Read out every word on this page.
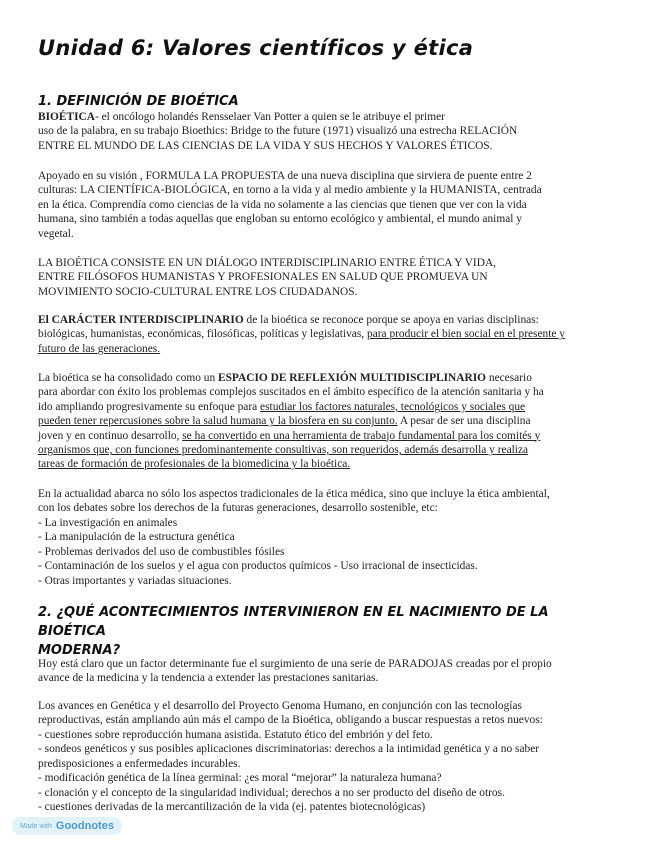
Unidad 6: Valores científicos y ética
1. DEFINICIÓN DE BIOÉTICA

BIOÉTICA- el oncólogo holandés Rensselaer Van Potter a quien se le atribuye el primer
uso de la palabra, en su trabajo Bioethics: Bridge to the future (1971) visualizó una estrecha RELACIÓN
ENTRE EL MUNDO DE LAS CIENCIAS DE LA VIDA Y SUS HECHOS Y VALORES ÉTICOS.

Apoyado en su visión , FORMULA LA PROPUESTA de una nueva disciplina que sirviera de puente entre 2
culturas: LA CIENTÍFICA-BIOLÓGICA, en torno a la vida y al medio ambiente y la HUMANISTA, centrada
en la ética. Comprendía como ciencias de la vida no solamente a las ciencias que tienen que ver con la vida
humana, sino también a todas aquellas que engloban su entorno ecológico y ambiental, el mundo animal y
vegetal.

LA BIOÉTICA CONSISTE EN UN DIÁLOGO INTERDISCIPLINARIO ENTRE ÉTICA Y VIDA,
ENTRE FILÓSOFOS HUMANISTAS Y PROFESIONALES EN SALUD QUE PROMUEVA UN
MOVIMIENTO SOCIO-CULTURAL ENTRE LOS CIUDADANOS.

El CARÁCTER INTERDISCIPLINARIO de la bioética se reconoce porque se apoya en varias disciplinas:
biológicas, humanistas, económicas, filosóficas, políticas y legislativas, para producir el bien social en el presente y
futuro de las generaciones.

La bioética se ha consolidado como un ESPACIO DE REFLEXIÓN MULTIDISCIPLINARIO necesario
para abordar con éxito los problemas complejos suscitados en el ámbito específico de la atención sanitaria y ha
ido ampliando progresivamente su enfoque para estudiar los factores naturales, tecnológicos y sociales que
pueden tener repercusiones sobre la salud humana y la biosfera en su conjunto. A pesar de ser una disciplina
joven y en continuo desarrollo, se ha convertido en una herramienta de trabajo fundamental para los comités y
organismos que, con funciones predominantemente consultivas, son requeridos, además desarrolla y realiza
tareas de formación de profesionales de la biomedicina y la bioética.

En la actualidad abarca no sólo los aspectos tradicionales de la ética médica, sino que incluye la ética ambiental,
con los debates sobre los derechos de la futuras generaciones, desarrollo sostenible, etc:

- La investigación en animales
- La manipulación de la estructura genética
- Problemas derivados del uso de combustibles fósiles
- Contaminación de los suelos y el agua con productos químicos - Uso irracional de insecticidas.
- Otras importantes y variadas situaciones.
2. ¿QUÉ ACONTECIMIENTOS INTERVINIERON EN EL NACIMIENTO DE LA BIOÉTICA
MODERNA?

Hoy está claro que un factor determinante fue el surgimiento de una serie de PARADOJAS creadas por el propio
avance de la medicina y la tendencia a extender las prestaciones sanitarias.

Los avances en Genética y el desarrollo del Proyecto Genoma Humano, en conjunción con las tecnologías
reproductivas, están ampliando aún más el campo de la Bioética, obligando a buscar respuestas a retos nuevos:

- cuestiones sobre reproducción humana asistida. Estatuto ético del embrión y del feto.
- sondeos genéticos y sus posibles aplicaciones discriminatorias: derechos a la intimidad genética y a no saber
predisposiciones a enfermedades incurables.
- modificación genética de la línea germinal: ¿es moral “mejorar” la naturaleza humana?
- clonación y el concepto de la singularidad individual; derechos a no ser producto del diseño de otros.
- cuestiones derivadas de la mercantilización de la vida (ej. patentes biotecnológicas)
Made with Goodnotes
